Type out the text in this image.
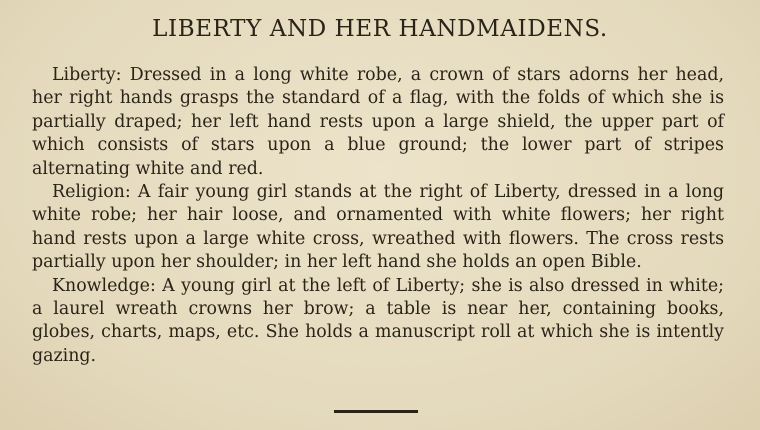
LIBERTY AND HER HANDMAIDENS.

Liberty: Dressed in a long white robe, a crown of stars adorns her head, her right hands grasps the standard of a flag, with the folds of which she is partially draped; her left hand rests upon a large shield, the upper part of which consists of stars upon a blue ground; the lower part of stripes alternating white and red.

Religion: A fair young girl stands at the right of Liberty, dressed in a long white robe; her hair loose, and ornamented with white flowers; her right hand rests upon a large white cross, wreathed with flowers. The cross rests partially upon her shoulder; in her left hand she holds an open Bible.

Knowledge: A young girl at the left of Liberty; she is also dressed in white; a laurel wreath crowns her brow; a table is near her, containing books, globes, charts, maps, etc. She holds a manuscript roll at which she is intently gazing.
